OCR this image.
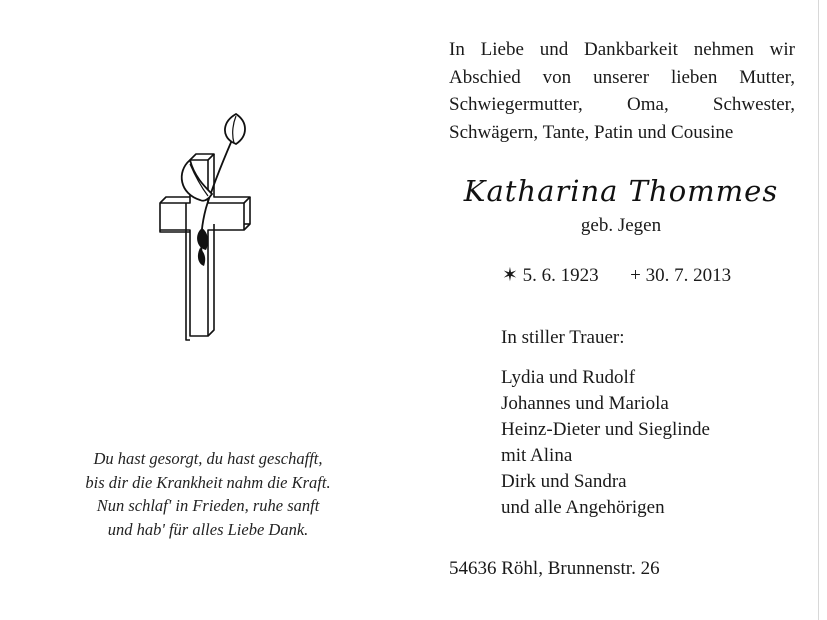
In Liebe und Dankbarkeit nehmen wir
Abschied von unserer lieben Mutter,
Schwiegermutter, Oma, Schwester,
Schwägern, Tante, Patin und Cousine
Katharina Thommes
geb. Jegen
✶ 5. 6. 1923 + 30. 7. 2013
In stiller Trauer:
Lydia und Rudolf
Johannes und Mariola
Heinz-Dieter und Sieglinde
mit Alina
Dirk und Sandra
und alle Angehörigen
54636 Röhl, Brunnenstr. 26
Du hast gesorgt, du hast geschafft,
bis dir die Krankheit nahm die Kraft.
Nun schlaf' in Frieden, ruhe sanft
und hab' für alles Liebe Dank.
